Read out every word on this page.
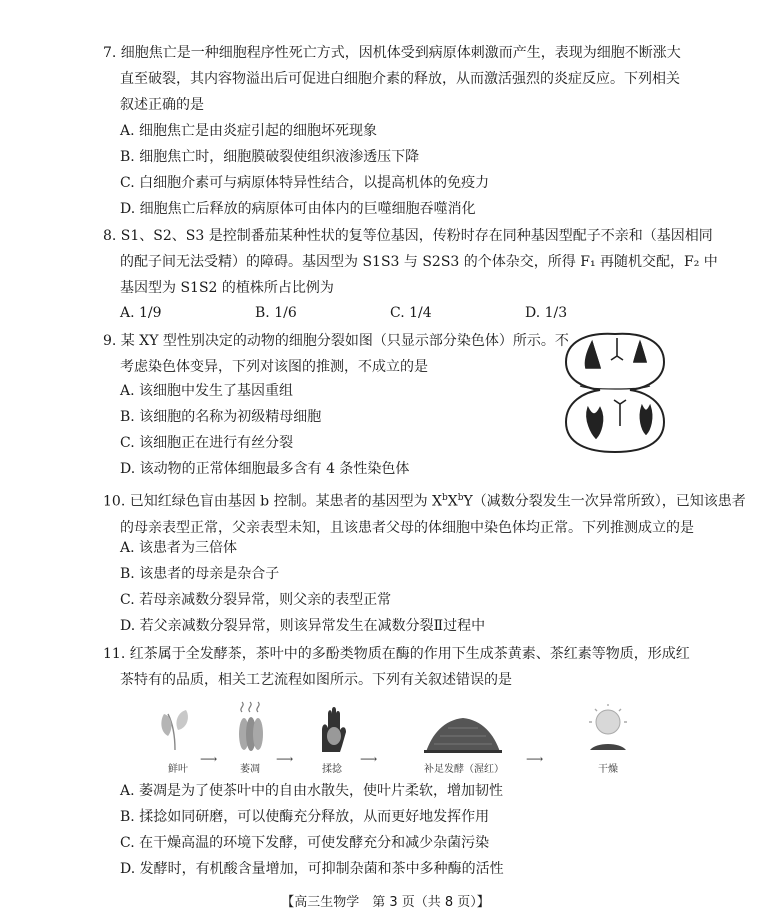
7. 细胞焦亡是一种细胞程序性死亡方式，因机体受到病原体刺激而产生，表现为细胞不断涨大
直至破裂，其内容物溢出后可促进白细胞介素的释放，从而激活强烈的炎症反应。下列相关
叙述正确的是
A. 细胞焦亡是由炎症引起的细胞坏死现象
B. 细胞焦亡时，细胞膜破裂使组织液渗透压下降
C. 白细胞介素可与病原体特异性结合，以提高机体的免疫力
D. 细胞焦亡后释放的病原体可由体内的巨噬细胞吞噬消化
8. S1、S2、S3 是控制番茄某种性状的复等位基因，传粉时存在同种基因型配子不亲和（基因相同
的配子间无法受精）的障碍。基因型为 S1S3 与 S2S3 的个体杂交，所得 F₁ 再随机交配，F₂ 中
基因型为 S1S2 的植株所占比例为
A. 1/9	B. 1/6	C. 1/4	D. 1/3
9. 某 XY 型性别决定的动物的细胞分裂如图（只显示部分染色体）所示。不
考虑染色体变异，下列对该图的推测，不成立的是
A. 该细胞中发生了基因重组
B. 该细胞的名称为初级精母细胞
C. 该细胞正在进行有丝分裂
D. 该动物的正常体细胞最多含有 4 条性染色体
10. 已知红绿色盲由基因 b 控制。某患者的基因型为 $X^bX^bY$（减数分裂发生一次异常所致），已知该患者
的母亲表型正常，父亲表型未知，且该患者父母的体细胞中染色体均正常。下列推测成立的是
A. 该患者为三倍体
B. 该患者的母亲是杂合子
C. 若母亲减数分裂异常，则父亲的表型正常
D. 若父亲减数分裂异常，则该异常发生在减数分裂Ⅱ过程中
11. 红茶属于全发酵茶，茶叶中的多酚类物质在酶的作用下生成茶黄素、茶红素等物质，形成红
茶特有的品质，相关工艺流程如图所示。下列有关叙述错误的是
鲜叶
⟶
萎凋
⟶
揉捻
⟶
补足发酵（渥红）
⟶
干燥
A. 萎凋是为了使茶叶中的自由水散失，使叶片柔软，增加韧性
B. 揉捻如同研磨，可以使酶充分释放，从而更好地发挥作用
C. 在干燥高温的环境下发酵，可使发酵充分和减少杂菌污染
D. 发酵时，有机酸含量增加，可抑制杂菌和茶中多种酶的活性
【高三生物学　第 3 页（共 8 页）】
